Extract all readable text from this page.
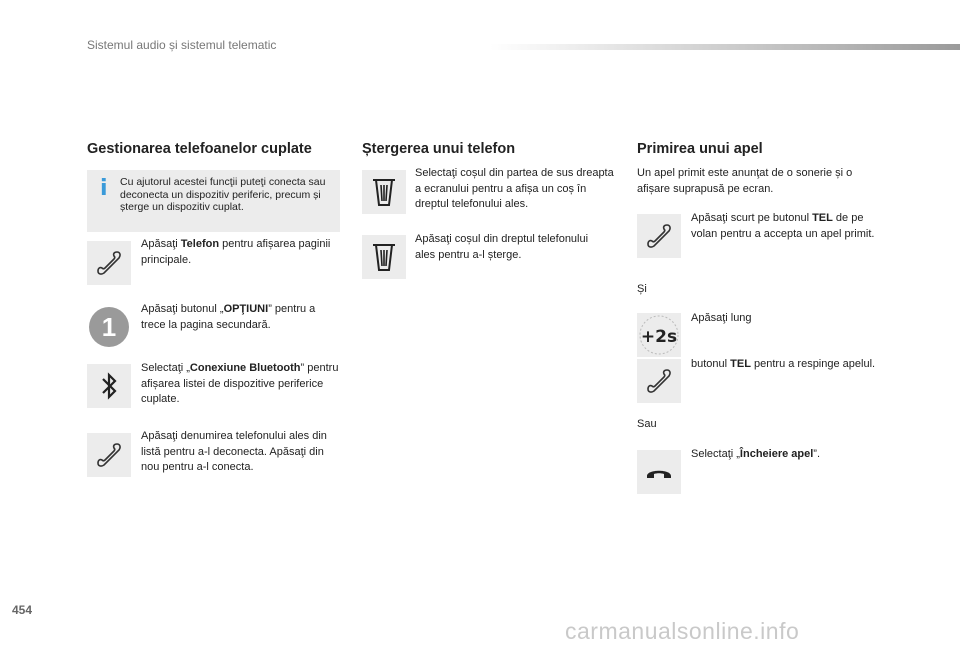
Sistemul audio și sistemul telematic
Gestionarea telefoanelor cuplate
i Cu ajutorul acestei funcţii puteţi conecta sau deconecta un dispozitiv periferic, precum și șterge un dispozitiv cuplat.
Apăsaţi Telefon pentru afișarea paginii principale.
1
Apăsaţi butonul „OPŢIUNI” pentru a trece la pagina secundară.
Selectaţi „Conexiune Bluetooth” pentru afișarea listei de dispozitive periferice cuplate.
Apăsaţi denumirea telefonului ales din listă pentru a-l deconecta. Apăsaţi din nou pentru a-l conecta.
Ștergerea unui telefon
Selectaţi coșul din partea de sus dreapta a ecranului pentru a afișa un coș în dreptul telefonului ales.
Apăsaţi coșul din dreptul telefonului ales pentru a-l șterge.
Primirea unui apel
Un apel primit este anunţat de o sonerie și o afișare suprapusă pe ecran.
Apăsaţi scurt pe butonul TEL de pe volan pentru a accepta un apel primit.
Și
+2s
Apăsaţi lung
butonul TEL pentru a respinge apelul.
Sau
Selectaţi „Încheiere apel”.
454
carmanualsonline.info
